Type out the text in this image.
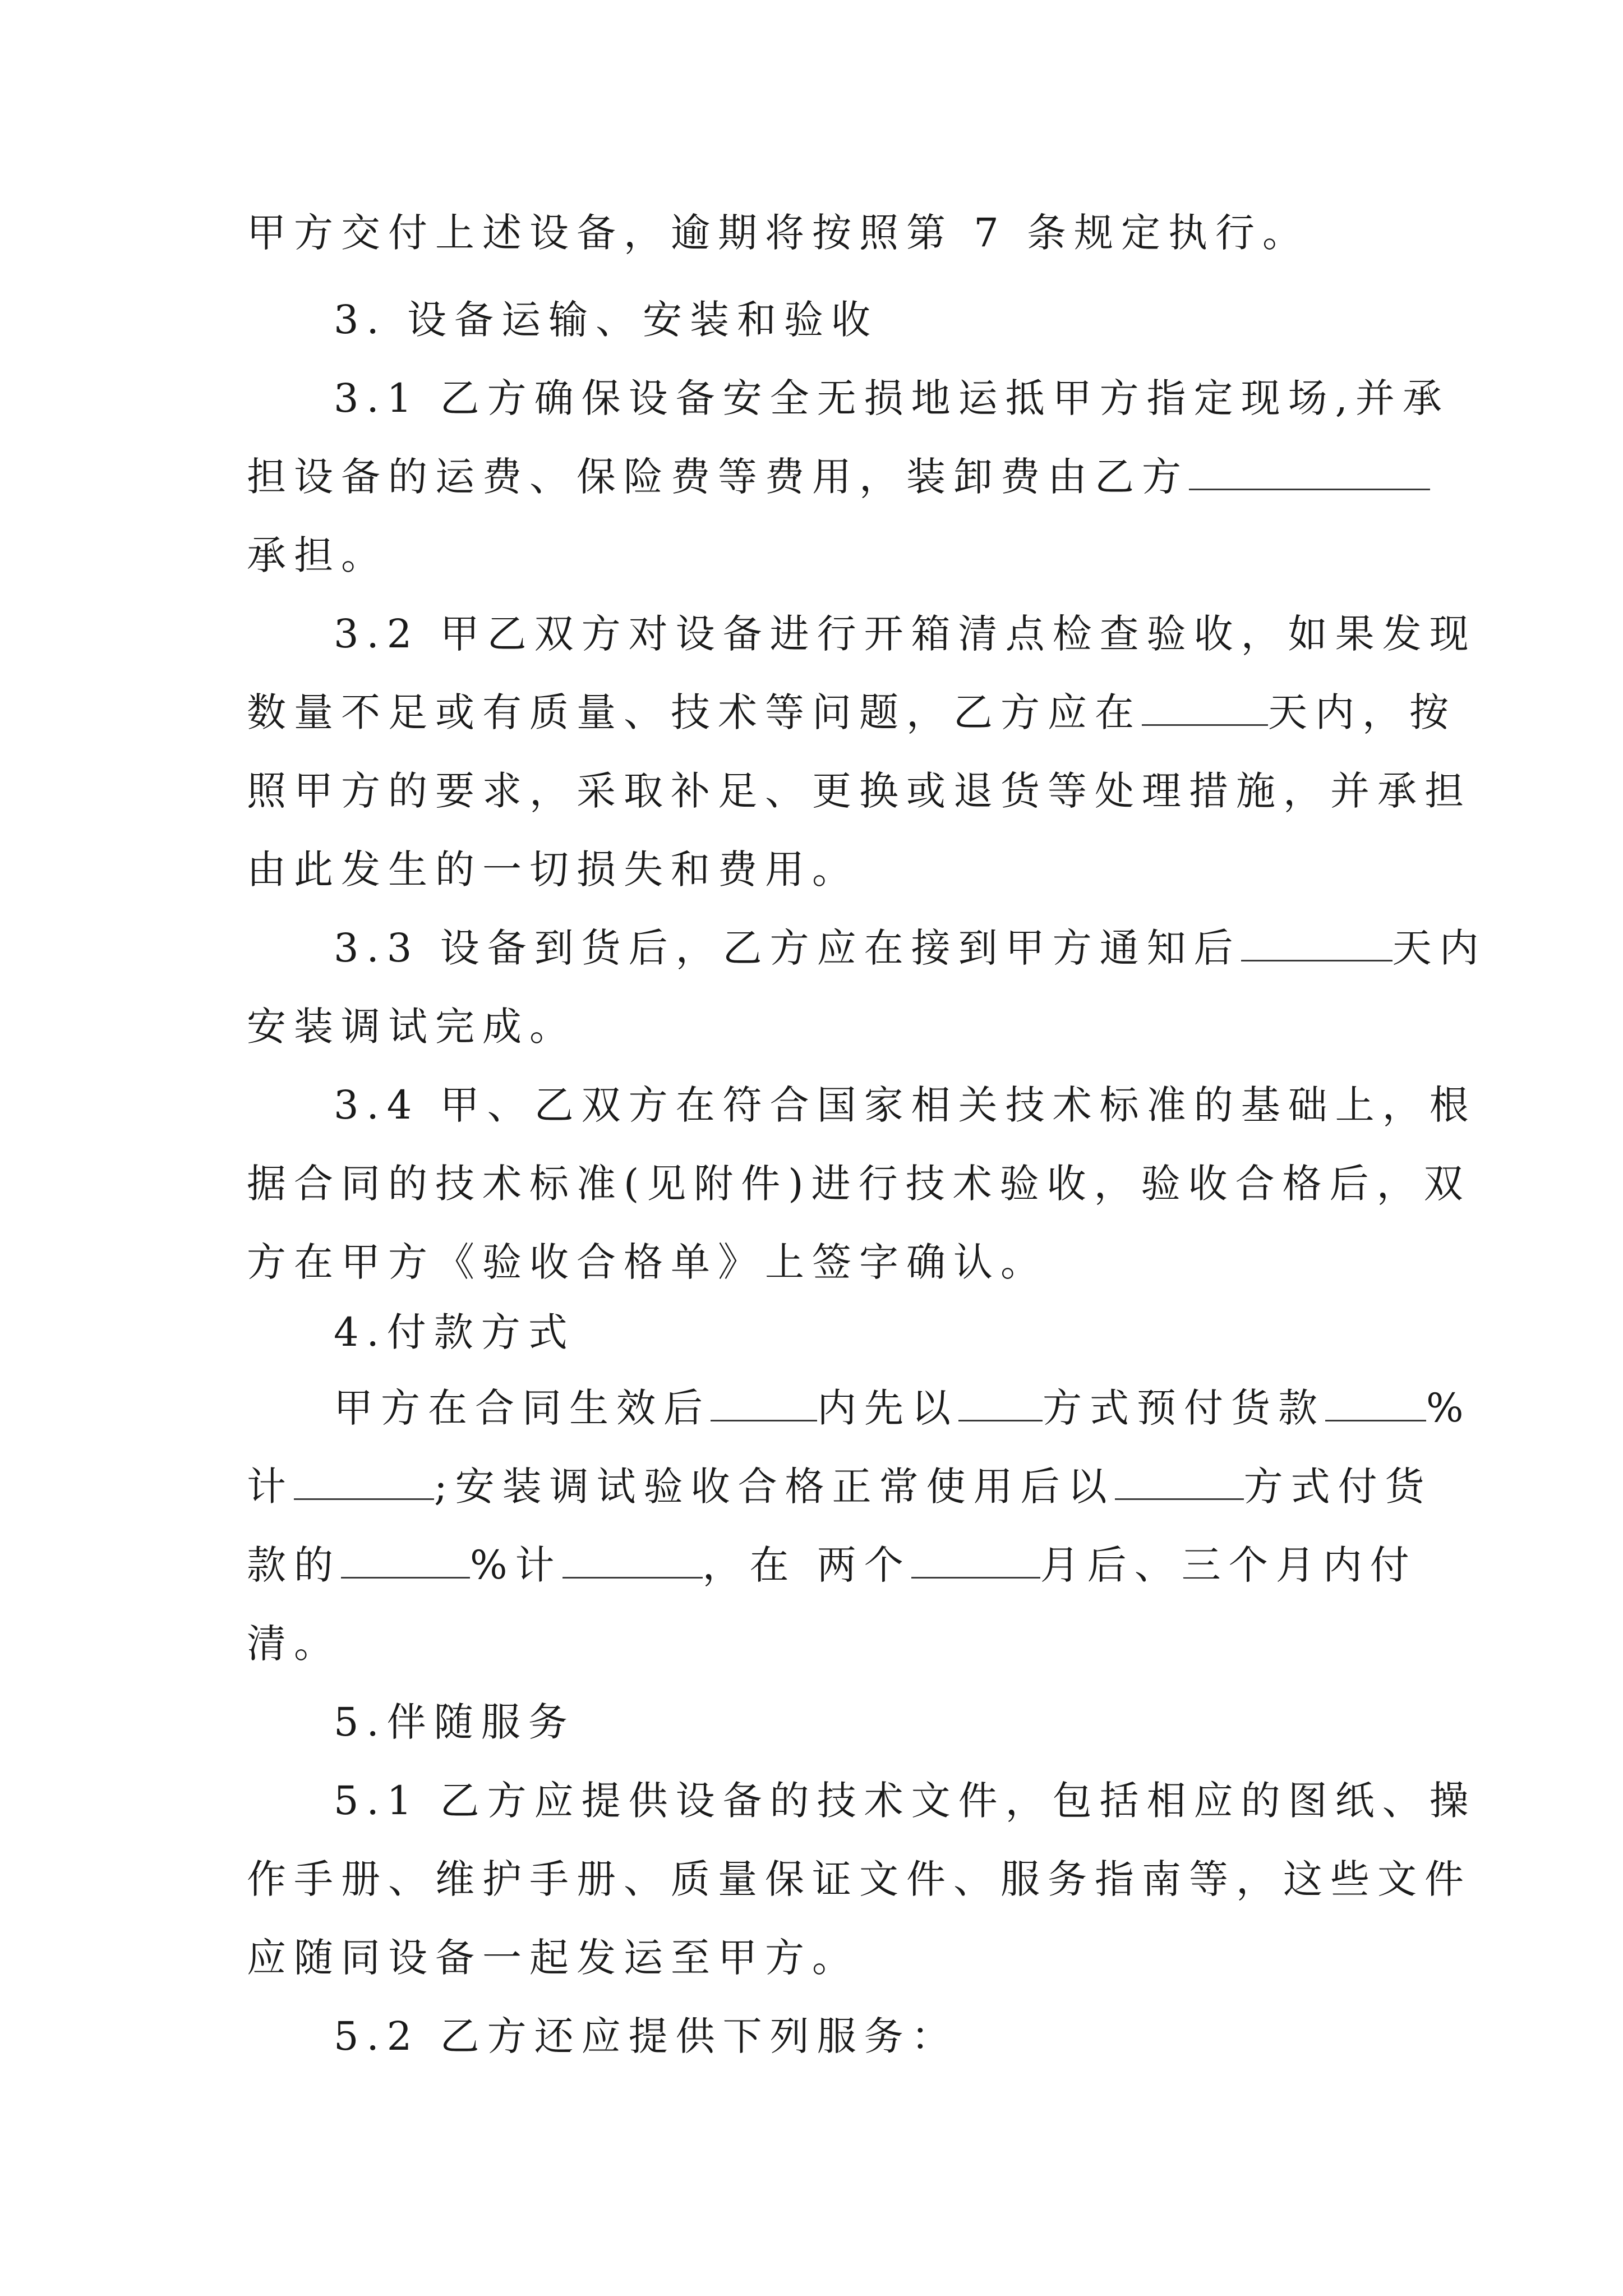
甲方交付上述设备，逾期将按照第 7 条规定执行。
3. 设备运输、安装和验收
3.1 乙方确保设备安全无损地运抵甲方指定现场,并承
担设备的运费、保险费等费用，装卸费由乙方
承担。
3.2 甲乙双方对设备进行开箱清点检查验收，如果发现
数量不足或有质量、技术等问题，乙方应在	天内，按
照甲方的要求，采取补足、更换或退货等处理措施，并承担
由此发生的一切损失和费用。
3.3 设备到货后，乙方应在接到甲方通知后	天内
安装调试完成。
3.4 甲、乙双方在符合国家相关技术标准的基础上，根
据合同的技术标准(见附件)进行技术验收，验收合格后，双
方在甲方《验收合格单》上签字确认。
4.付款方式
甲方在合同生效后	内先以 方式预付货款	%
计	;安装调试验收合格正常使用后以	方式付货
款的	%计	，在 两个	月后、三个月内付
清。
5.伴随服务
5.1 乙方应提供设备的技术文件，包括相应的图纸、操
作手册、维护手册、质量保证文件、服务指南等，这些文件
应随同设备一起发运至甲方。
5.2 乙方还应提供下列服务：
